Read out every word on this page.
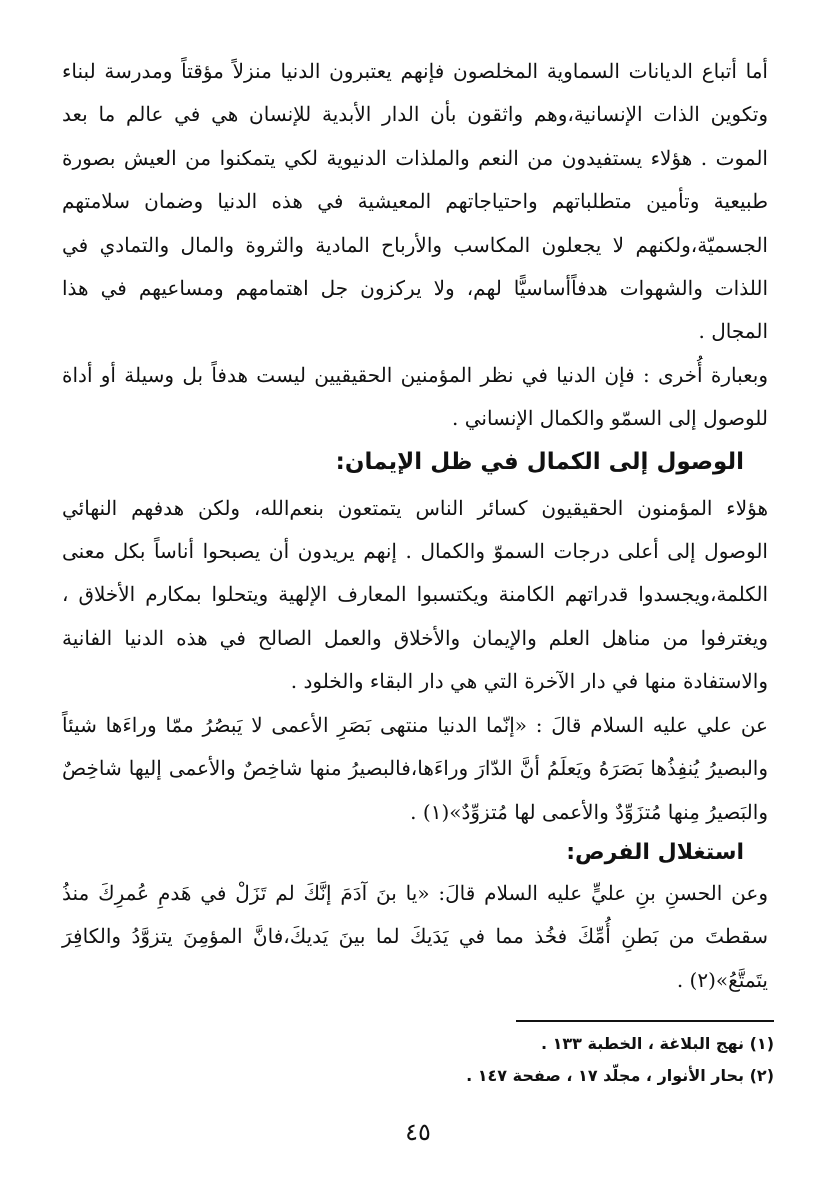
أما أتباع الديانات السماوية المخلصون فإنهم يعتبرون الدنيا منزلاً مؤقتاً ومدرسة لبناء وتكوين الذات الإنسانية،وهم واثقون بأن الدار الأبدية للإنسان هي في عالم ما بعد الموت . هؤلاء يستفيدون من النعم والملذات الدنيوية لكي يتمكنوا من العيش بصورة طبيعية وتأمين متطلباتهم واحتياجاتهم المعيشية في هذه الدنيا وضمان سلامتهم الجسميّة،ولكنهم لا يجعلون المكاسب والأرباح المادية والثروة والمال والتمادي في اللذات والشهوات هدفاًأساسيًّا لهم، ولا يركزون جل اهتمامهم ومساعيهم في هذا المجال .

وبعبارة أُخرى : فإن الدنيا في نظر المؤمنين الحقيقيين ليست هدفاً بل وسيلة أو أداة للوصول إلى السمّو والكمال الإنساني .

الوصول إلى الكمال في ظل الإيمان:

هؤلاء المؤمنون الحقيقيون كسائر الناس يتمتعون بنعم‌الله، ولكن هدفهم النهائي الوصول إلى أعلى درجات السموّ والكمال . إنهم يريدون أن يصبحوا أناساً بكل معنى الكلمة،ويجسدوا قدراتهم الكامنة ويكتسبوا المعارف الإلهية ويتحلوا بمكارم الأخلاق ، ويغترفوا من مناهل العلم والإيمان والأخلاق والعمل الصالح في هذه الدنيا الفانية والاستفادة منها في دار الآخرة التي هي دار البقاء والخلود .

عن علي عليه السلام قالَ : «إنّما الدنيا منتهى بَصَرِ الأعمى لا يَبصُرُ ممّا وراءَها شيئاً والبصيرُ يُنفِذُها بَصَرَهُ ويَعلَمُ أنَّ الدّارَ وراءَها،فالبصيرُ منها شاخِصٌ والأعمى إليها شاخِصٌ والبَصيرُ مِنها مُتزَوِّدٌ والأعمى لها مُتزوِّدٌ»(١) .

استغلال الفرص:

وعن الحسنِ بنِ عليٍّ عليه السلام قالَ: «يا بنَ آدَمَ إنَّكَ لم تَزَلْ في هَدمِ عُمرِكَ منذُ سقطتَ من بَطنِ أُمِّكَ فخُذ مما في يَدَيكَ لما بينَ يَديكَ،فانَّ المؤمِنَ يتزوَّدُ والكافِرَ يتَمتَّعُ»(٢) .

(١) نهج البلاغة ، الخطبة ١٣٣ .

(٢) بحار الأنوار ، مجلّد ١٧ ، صفحة ١٤٧ .

٤٥
